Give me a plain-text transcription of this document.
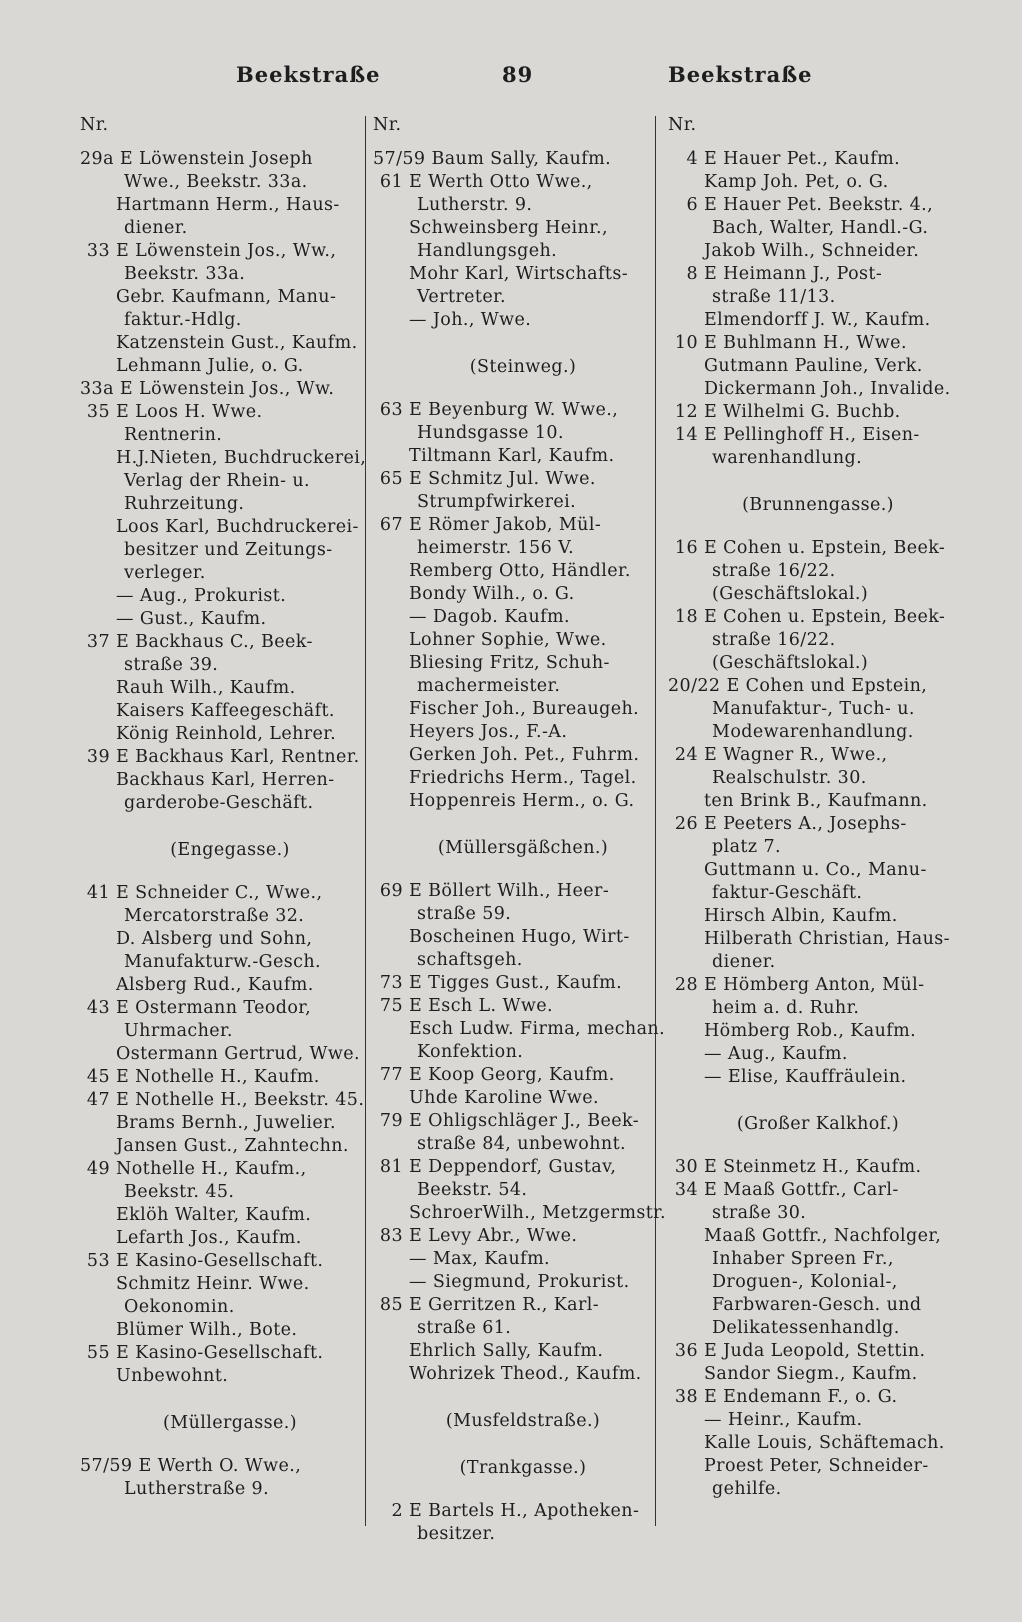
Beekstraße	89	Beekstraße
Nr.
29a E Löwenstein Joseph
Wwe., Beekstr. 33a.
Hartmann Herm., Haus-
diener.
33 E Löwenstein Jos., Ww.,
Beekstr. 33a.
Gebr. Kaufmann, Manu-
faktur.-Hdlg.
Katzenstein Gust., Kaufm.
Lehmann Julie, o. G.
33a E Löwenstein Jos., Ww.
35 E Loos H. Wwe.
Rentnerin.
H.J.Nieten, Buchdruckerei,
Verlag der Rhein- u.
Ruhrzeitung.
Loos Karl, Buchdruckerei-
besitzer und Zeitungs-
verleger.
— Aug., Prokurist.
— Gust., Kaufm.
37 E Backhaus C., Beek-
straße 39.
Rauh Wilh., Kaufm.
Kaisers Kaffeegeschäft.
König Reinhold, Lehrer.
39 E Backhaus Karl, Rentner.
Backhaus Karl, Herren-
garderobe-Geschäft.
(Engegasse.)
41 E Schneider C., Wwe.,
Mercatorstraße 32.
D. Alsberg und Sohn,
Manufakturw.-Gesch.
Alsberg Rud., Kaufm.
43 E Ostermann Teodor,
Uhrmacher.
Ostermann Gertrud, Wwe.
45 E Nothelle H., Kaufm.
47 E Nothelle H., Beekstr. 45.
Brams Bernh., Juwelier.
Jansen Gust., Zahntechn.
49 Nothelle H., Kaufm.,
Beekstr. 45.
Eklöh Walter, Kaufm.
Lefarth Jos., Kaufm.
53 E Kasino-Gesellschaft.
Schmitz Heinr. Wwe.
Oekonomin.
Blümer Wilh., Bote.
55 E Kasino-Gesellschaft.
Unbewohnt.
(Müllergasse.)
57/59 E Werth O. Wwe.,
Lutherstraße 9.
Nr.
57/59 Baum Sally, Kaufm.
61 E Werth Otto Wwe.,
Lutherstr. 9.
Schweinsberg Heinr.,
Handlungsgeh.
Mohr Karl, Wirtschafts-
Vertreter.
— Joh., Wwe.
(Steinweg.)
63 E Beyenburg W. Wwe.,
Hundsgasse 10.
Tiltmann Karl, Kaufm.
65 E Schmitz Jul. Wwe.
Strumpfwirkerei.
67 E Römer Jakob, Mül-
heimerstr. 156 V.
Remberg Otto, Händler.
Bondy Wilh., o. G.
— Dagob. Kaufm.
Lohner Sophie, Wwe.
Bliesing Fritz, Schuh-
machermeister.
Fischer Joh., Bureaugeh.
Heyers Jos., F.-A.
Gerken Joh. Pet., Fuhrm.
Friedrichs Herm., Tagel.
Hoppenreis Herm., o. G.
(Müllersgäßchen.)
69 E Böllert Wilh., Heer-
straße 59.
Boscheinen Hugo, Wirt-
schaftsgeh.
73 E Tigges Gust., Kaufm.
75 E Esch L. Wwe.
Esch Ludw. Firma, mechan.
Konfektion.
77 E Koop Georg, Kaufm.
Uhde Karoline Wwe.
79 E Ohligschläger J., Beek-
straße 84, unbewohnt.
81 E Deppendorf, Gustav,
Beekstr. 54.
SchroerWilh., Metzgermstr.
83 E Levy Abr., Wwe.
— Max, Kaufm.
— Siegmund, Prokurist.
85 E Gerritzen R., Karl-
straße 61.
Ehrlich Sally, Kaufm.
Wohrizek Theod., Kaufm.
(Musfeldstraße.)
(Trankgasse.)
2 E Bartels H., Apotheken-
besitzer.
Nr.
4 E Hauer Pet., Kaufm.
Kamp Joh. Pet, o. G.
6 E Hauer Pet. Beekstr. 4.,
Bach, Walter, Handl.-G.
Jakob Wilh., Schneider.
8 E Heimann J., Post-
straße 11/13.
Elmendorff J. W., Kaufm.
10 E Buhlmann H., Wwe.
Gutmann Pauline, Verk.
Dickermann Joh., Invalide.
12 E Wilhelmi G. Buchb.
14 E Pellinghoff H., Eisen-
warenhandlung.
(Brunnengasse.)
16 E Cohen u. Epstein, Beek-
straße 16/22.
(Geschäftslokal.)
18 E Cohen u. Epstein, Beek-
straße 16/22.
(Geschäftslokal.)
20/22 E Cohen und Epstein,
Manufaktur-, Tuch- u.
Modewarenhandlung.
24 E Wagner R., Wwe.,
Realschulstr. 30.
ten Brink B., Kaufmann.
26 E Peeters A., Josephs-
platz 7.
Guttmann u. Co., Manu-
faktur-Geschäft.
Hirsch Albin, Kaufm.
Hilberath Christian, Haus-
diener.
28 E Hömberg Anton, Mül-
heim a. d. Ruhr.
Hömberg Rob., Kaufm.
— Aug., Kaufm.
— Elise, Kauffräulein.
(Großer Kalkhof.)
30 E Steinmetz H., Kaufm.
34 E Maaß Gottfr., Carl-
straße 30.
Maaß Gottfr., Nachfolger,
Inhaber Spreen Fr.,
Droguen-, Kolonial-,
Farbwaren-Gesch. und
Delikatessenhandlg.
36 E Juda Leopold, Stettin.
Sandor Siegm., Kaufm.
38 E Endemann F., o. G.
— Heinr., Kaufm.
Kalle Louis, Schäftemach.
Proest Peter, Schneider-
gehilfe.
